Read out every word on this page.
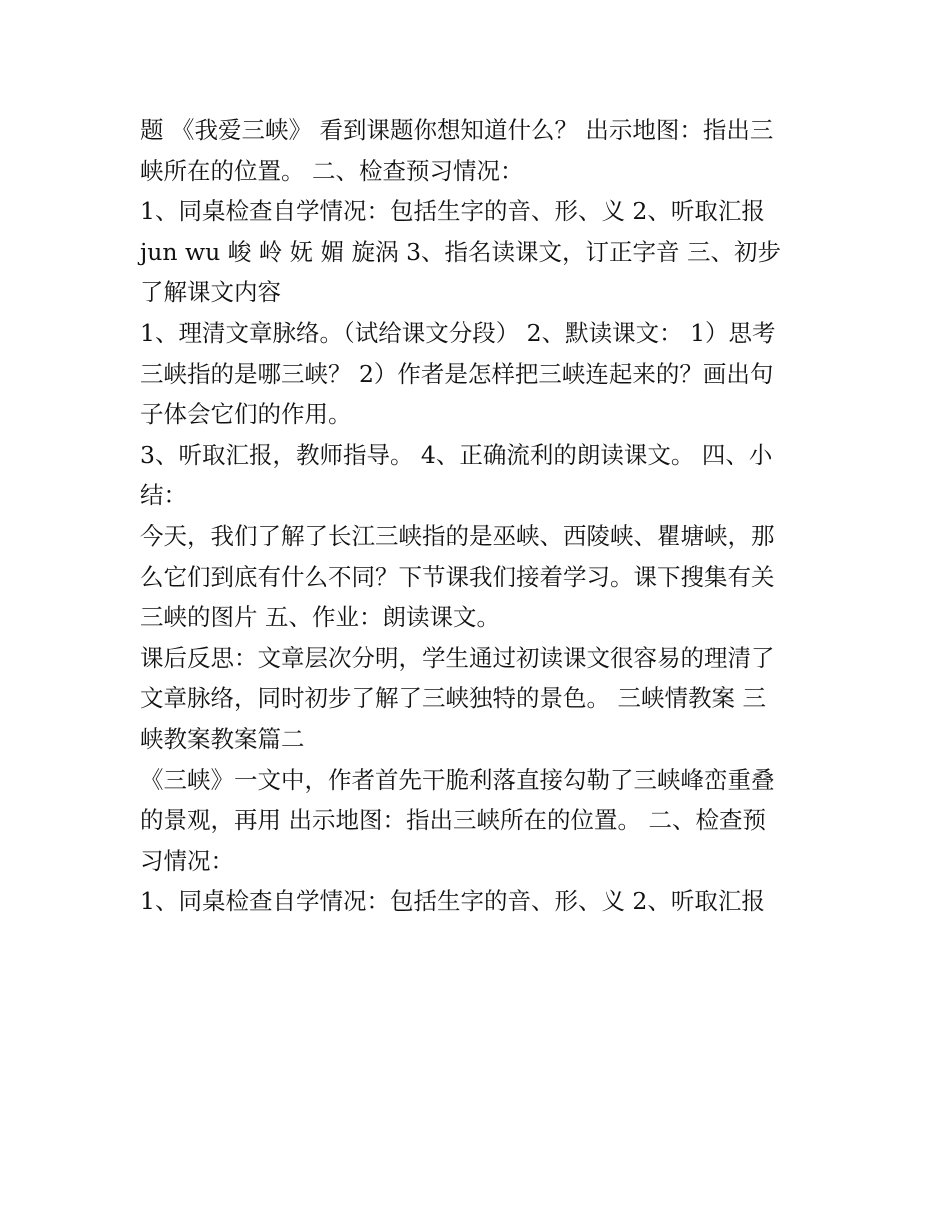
题 《我爱三峡》 看到课题你想知道什么？ 出示地图：指出三
峡所在的位置。 二、检查预习情况：
1、同桌检查自学情况：包括生字的音、形、义 2、听取汇报
jun wu 峻 岭 妩 媚 旋涡 3、指名读课文，订正字音 三、初步
了解课文内容
1、理清文章脉络。（试给课文分段） 2、默读课文： 1）思考
三峡指的是哪三峡？ 2）作者是怎样把三峡连起来的？画出句
子体会它们的作用。
3、听取汇报，教师指导。 4、正确流利的朗读课文。 四、小
结：
今天，我们了解了长江三峡指的是巫峡、西陵峡、瞿塘峡，那
么它们到底有什么不同？下节课我们接着学习。课下搜集有关
三峡的图片 五、作业：朗读课文。
课后反思：文章层次分明，学生通过初读课文很容易的理清了
文章脉络，同时初步了解了三峡独特的景色。 三峡情教案 三
峡教案教案篇二
《三峡》一文中，作者首先干脆利落直接勾勒了三峡峰峦重叠
的景观，再用 出示地图：指出三峡所在的位置。 二、检查预
习情况：
1、同桌检查自学情况：包括生字的音、形、义 2、听取汇报
